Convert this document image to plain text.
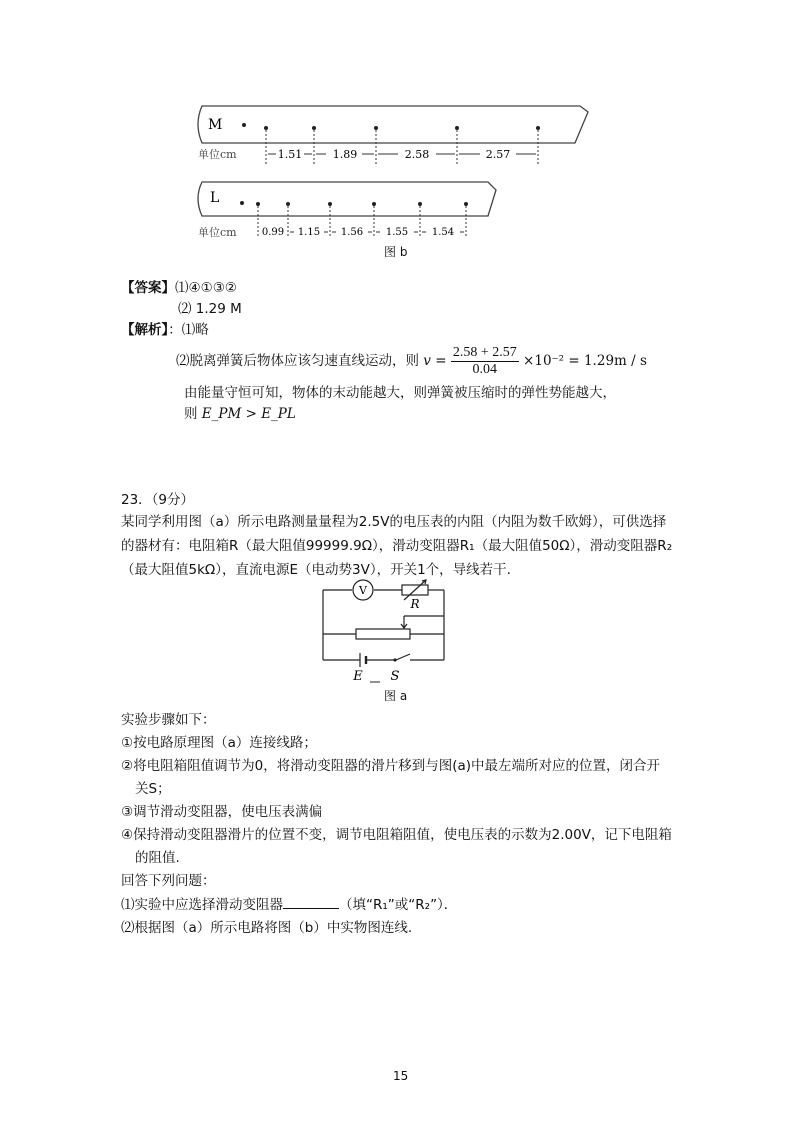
M
单位cm	1.51	1.89	2.58	2.57
L
单位cm	0.99 1.15 1.56 1.55 1.54
图 b
【答案】⑴④①③②
⑵ 1.29 M
【解析】：⑴略
⑵脱离弹簧后物体应该匀速直线运动，则 $v = \frac{2.58 + 2.57}{0.04} \times 10^{-2} = 1.29m / s$
由能量守恒可知，物体的末动能越大，则弹簧被压缩时的弹性势能越大，
则 E_PM > E_PL
23．（9分）
某同学利用图（a）所示电路测量量程为2.5V的电压表的内阻（内阻为数千欧姆），可供选择
的器材有：电阻箱R（最大阻值99999.9Ω），滑动变阻器R₁（最大阻值50Ω），滑动变阻器R₂
（最大阻值5kΩ），直流电源E（电动势3V），开关1个，导线若干.
V
R
E S
图 a
实验步骤如下：
①按电路原理图（a）连接线路；
②将电阻箱阻值调节为0，将滑动变阻器的滑片移到与图(a)中最左端所对应的位置，闭合开
关S；
③调节滑动变阻器，使电压表满偏
④保持滑动变阻器滑片的位置不变，调节电阻箱阻值，使电压表的示数为2.00V，记下电阻箱
的阻值.
回答下列问题：
⑴实验中应选择滑动变阻器	（填“R₁”或“R₂”）．
⑵根据图（a）所示电路将图（b）中实物图连线.
15
